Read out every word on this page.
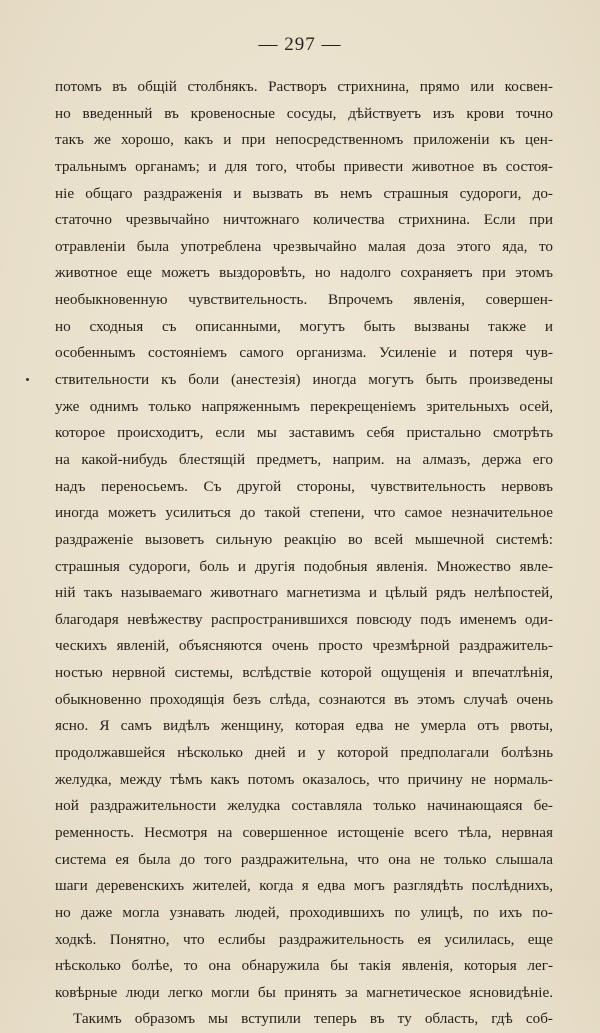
— 297 —
потомъ въ общій столбнякъ. Растворъ стрихнина, прямо или косвен-
но введенный въ кровеносные сосуды, дѣйствуетъ изъ крови точно
такъ же хорошо, какъ и при непосредственномъ приложеніи къ цен-
тральнымъ органамъ; и для того, чтобы привести животное въ состоя-
ніе общаго раздраженія и вызвать въ немъ страшныя судороги, до-
статочно чрезвычайно ничтожнаго количества стрихнина. Если при
отравленіи была употреблена чрезвычайно малая доза этого яда, то
животное еще можетъ выздоровѣть, но надолго сохраняетъ при этомъ
необыкновенную чувствительность. Впрочемъ явленія, совершен-
но сходныя съ описанными, могутъ быть вызваны также и
особеннымъ состояніемъ самого организма. Усиленіе и потеря чув-
ствительности къ боли (анестезія) иногда могутъ быть произведены
уже однимъ только напряженнымъ перекрещеніемъ зрительныхъ осей,
которое происходитъ, если мы заставимъ себя пристально смотрѣть
на какой-нибудь блестящій предметъ, наприм. на алмазъ, держа его
надъ переносьемъ. Съ другой стороны, чувствительность нервовъ
иногда можетъ усилиться до такой степени, что самое незначительное
раздраженіе вызоветъ сильную реакцію во всей мышечной системѣ:
страшныя судороги, боль и другія подобныя явленія. Множество явле-
ній такъ называемаго животнаго магнетизма и цѣлый рядъ нелѣпостей,
благодаря невѣжеству распространившихся повсюду подъ именемъ оди-
ческихъ явленій, объясняются очень просто чрезмѣрной раздражитель-
ностью нервной системы, вслѣдствіе которой ощущенія и впечатлѣнія,
обыкновенно проходящія безъ слѣда, сознаются въ этомъ случаѣ очень
ясно. Я самъ видѣлъ женщину, которая едва не умерла отъ рвоты,
продолжавшейся нѣсколько дней и у которой предполагали болѣзнь
желудка, между тѣмъ какъ потомъ оказалось, что причину не нормаль-
ной раздражительности желудка составляла только начинающаяся бе-
ременность. Несмотря на совершенное истощеніе всего тѣла, нервная
система ея была до того раздражительна, что она не только слышала
шаги деревенскихъ жителей, когда я едва могъ разглядѣть послѣднихъ,
но даже могла узнавать людей, проходившихъ по улицѣ, по ихъ по-
ходкѣ. Понятно, что еслибы раздражительность ея усилилась, еще
нѣсколько болѣе, то она обнаружила бы такія явленія, которыя лег-
ковѣрные люди легко могли бы принять за магнетическое ясновидѣніе.
Такимъ образомъ мы вступили теперь въ ту область, гдѣ соб-
